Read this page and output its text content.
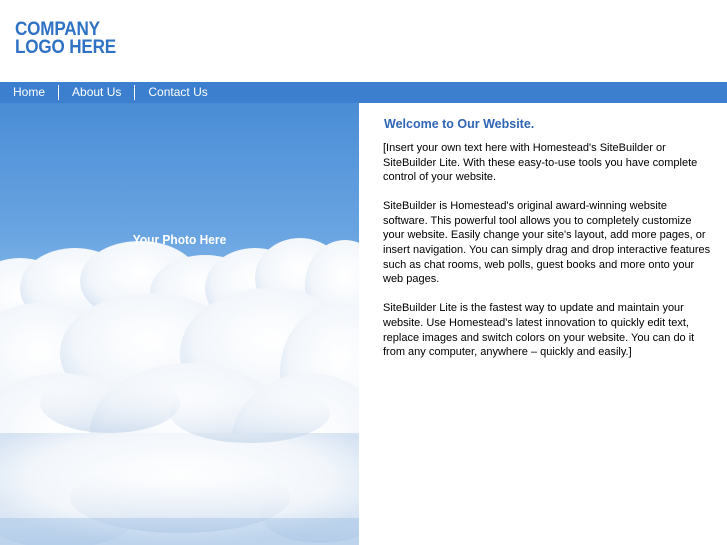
COMPANY
LOGO HERE
Home	About Us	Contact Us
Your Photo Here
Welcome to Our Website.

[Insert your own text here with Homestead's SiteBuilder or SiteBuilder Lite. With these easy-to-use tools you have complete control of your website.

SiteBuilder is Homestead's original award-winning website software. This powerful tool allows you to completely customize your website. Easily change your site's layout, add more pages, or insert navigation. You can simply drag and drop interactive features such as chat rooms, web polls, guest books and more onto your web pages.

SiteBuilder Lite is the fastest way to update and maintain your website. Use Homestead's latest innovation to quickly edit text, replace images and switch colors on your website. You can do it from any computer, anywhere – quickly and easily.]
